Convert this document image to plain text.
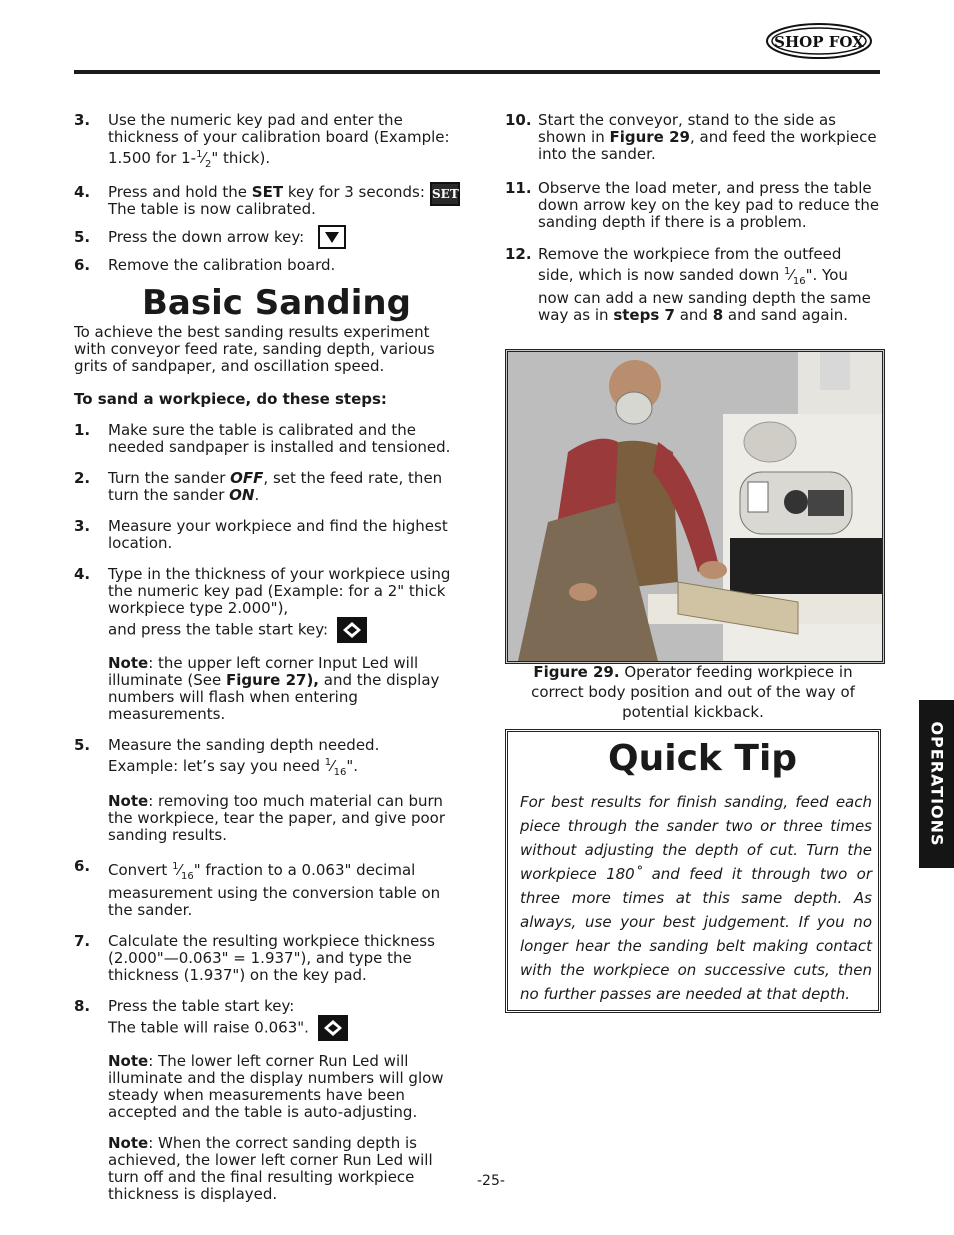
SHOP FOX
3. Use the numeric key pad and enter the thickness of your calibration board (Example: 1.500 for $1-^1⁄_2$" thick).
4. Press and hold the SET key for 3 seconds: SET

The table is now calibrated.
5. Press the down arrow key:
6. Remove the calibration board.
Basic Sanding
To achieve the best sanding results experiment with conveyor feed rate, sanding depth, various grits of sandpaper, and oscillation speed.
To sand a workpiece, do these steps:
1. Make sure the table is calibrated and the needed sandpaper is installed and tensioned.
2. Turn the sander OFF, set the feed rate, then turn the sander ON.
3. Measure your workpiece and find the highest location.
4. Type in the thickness of your workpiece using the numeric key pad (Example: for a 2" thick workpiece type 2.000"),
and press the table start key:
Note: the upper left corner Input Led will illuminate (See Figure 27), and the display numbers will flash when entering measurements.
5. Measure the sanding depth needed.
Example: let’s say you need $^1⁄_{16}$".
Note: removing too much material can burn the workpiece, tear the paper, and give poor sanding results.
6. Convert $^1⁄_{16}$" fraction to a 0.063" decimal measurement using the conversion table on the sander.
7. Calculate the resulting workpiece thickness (2.000"—0.063" = 1.937"), and type the thickness (1.937") on the key pad.
8. Press the table start key:
The table will raise 0.063".
Note: The lower left corner Run Led will illuminate and the display numbers will glow steady when measurements have been accepted and the table is auto-adjusting.
Note: When the correct sanding depth is achieved, the lower left corner Run Led will turn off and the final resulting workpiece thickness is displayed.
10. Start the conveyor, stand to the side as shown in Figure 29, and feed the workpiece into the sander.
11. Observe the load meter, and press the table down arrow key on the key pad to reduce the sanding depth if there is a problem.
12. Remove the workpiece from the outfeed side, which is now sanded down $^1⁄_{16}$". You now can add a new sanding depth the same way as in steps 7 and 8 and sand again.
Figure 29. Operator feeding workpiece in correct body position and out of the way of potential kickback.
Quick Tip
For best results for finish sanding, feed each piece through the sander two or three times without adjusting the depth of cut. Turn the workpiece 180˚ and feed it through two or three more times at this same depth. As always, use your best judgement. If you no longer hear the sanding belt making contact with the workpiece on successive cuts, then no further passes are needed at that depth.
OPERATIONS
-25-
